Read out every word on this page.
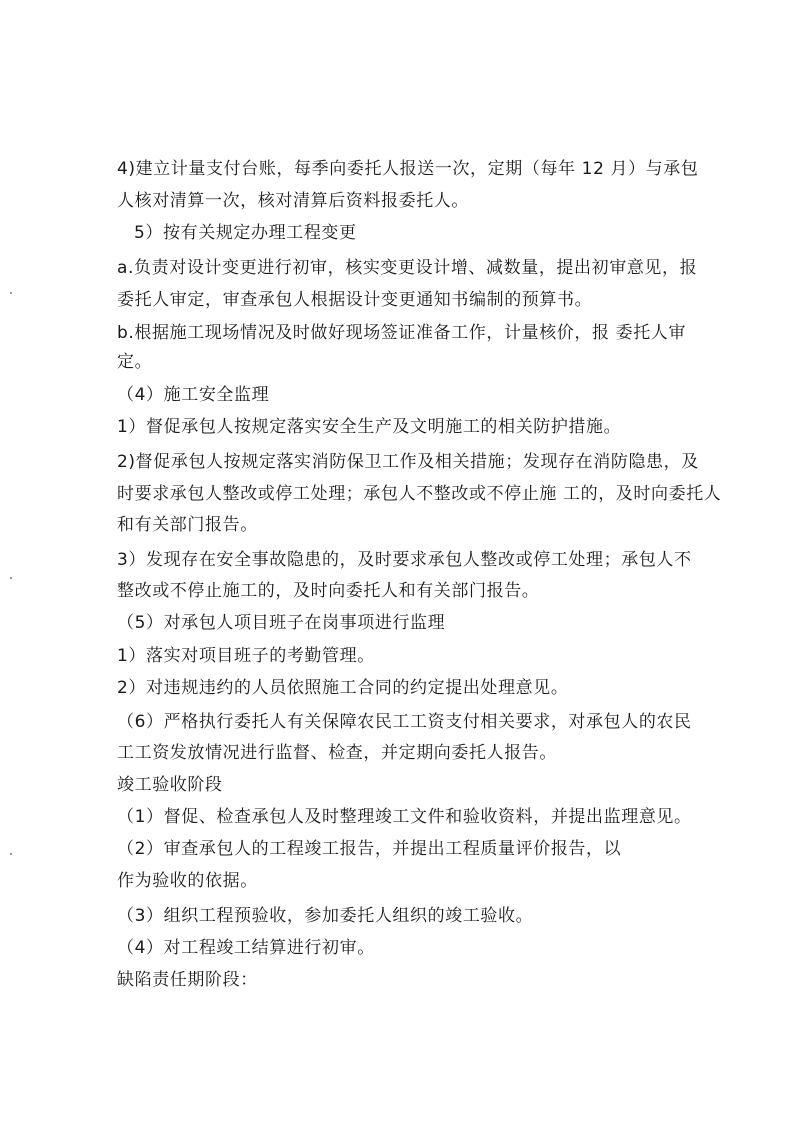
4)建立计量支付台账，每季向委托人报送一次，定期（每年 12 月）与承包
人核对清算一次，核对清算后资料报委托人。
5）按有关规定办理工程变更
a.负责对设计变更进行初审，核实变更设计增、减数量，提出初审意见，报
委托人审定，审查承包人根据设计变更通知书编制的预算书。
b.根据施工现场情况及时做好现场签证准备工作，计量核价，报 委托人审
定。
（4）施工安全监理
1）督促承包人按规定落实安全生产及文明施工的相关防护措施。
2)督促承包人按规定落实消防保卫工作及相关措施；发现存在消防隐患，及
时要求承包人整改或停工处理；承包人不整改或不停止施 工的，及时向委托人
和有关部门报告。
3）发现存在安全事故隐患的，及时要求承包人整改或停工处理；承包人不
整改或不停止施工的，及时向委托人和有关部门报告。
（5）对承包人项目班子在岗事项进行监理
1）落实对项目班子的考勤管理。
2）对违规违约的人员依照施工合同的约定提出处理意见。
（6）严格执行委托人有关保障农民工工资支付相关要求，对承包人的农民
工工资发放情况进行监督、检查，并定期向委托人报告。
竣工验收阶段
（1）督促、检查承包人及时整理竣工文件和验收资料，并提出监理意见。
（2）审查承包人的工程竣工报告，并提出工程质量评价报告，以
作为验收的依据。
（3）组织工程预验收，参加委托人组织的竣工验收。
（4）对工程竣工结算进行初审。
缺陷责任期阶段：
